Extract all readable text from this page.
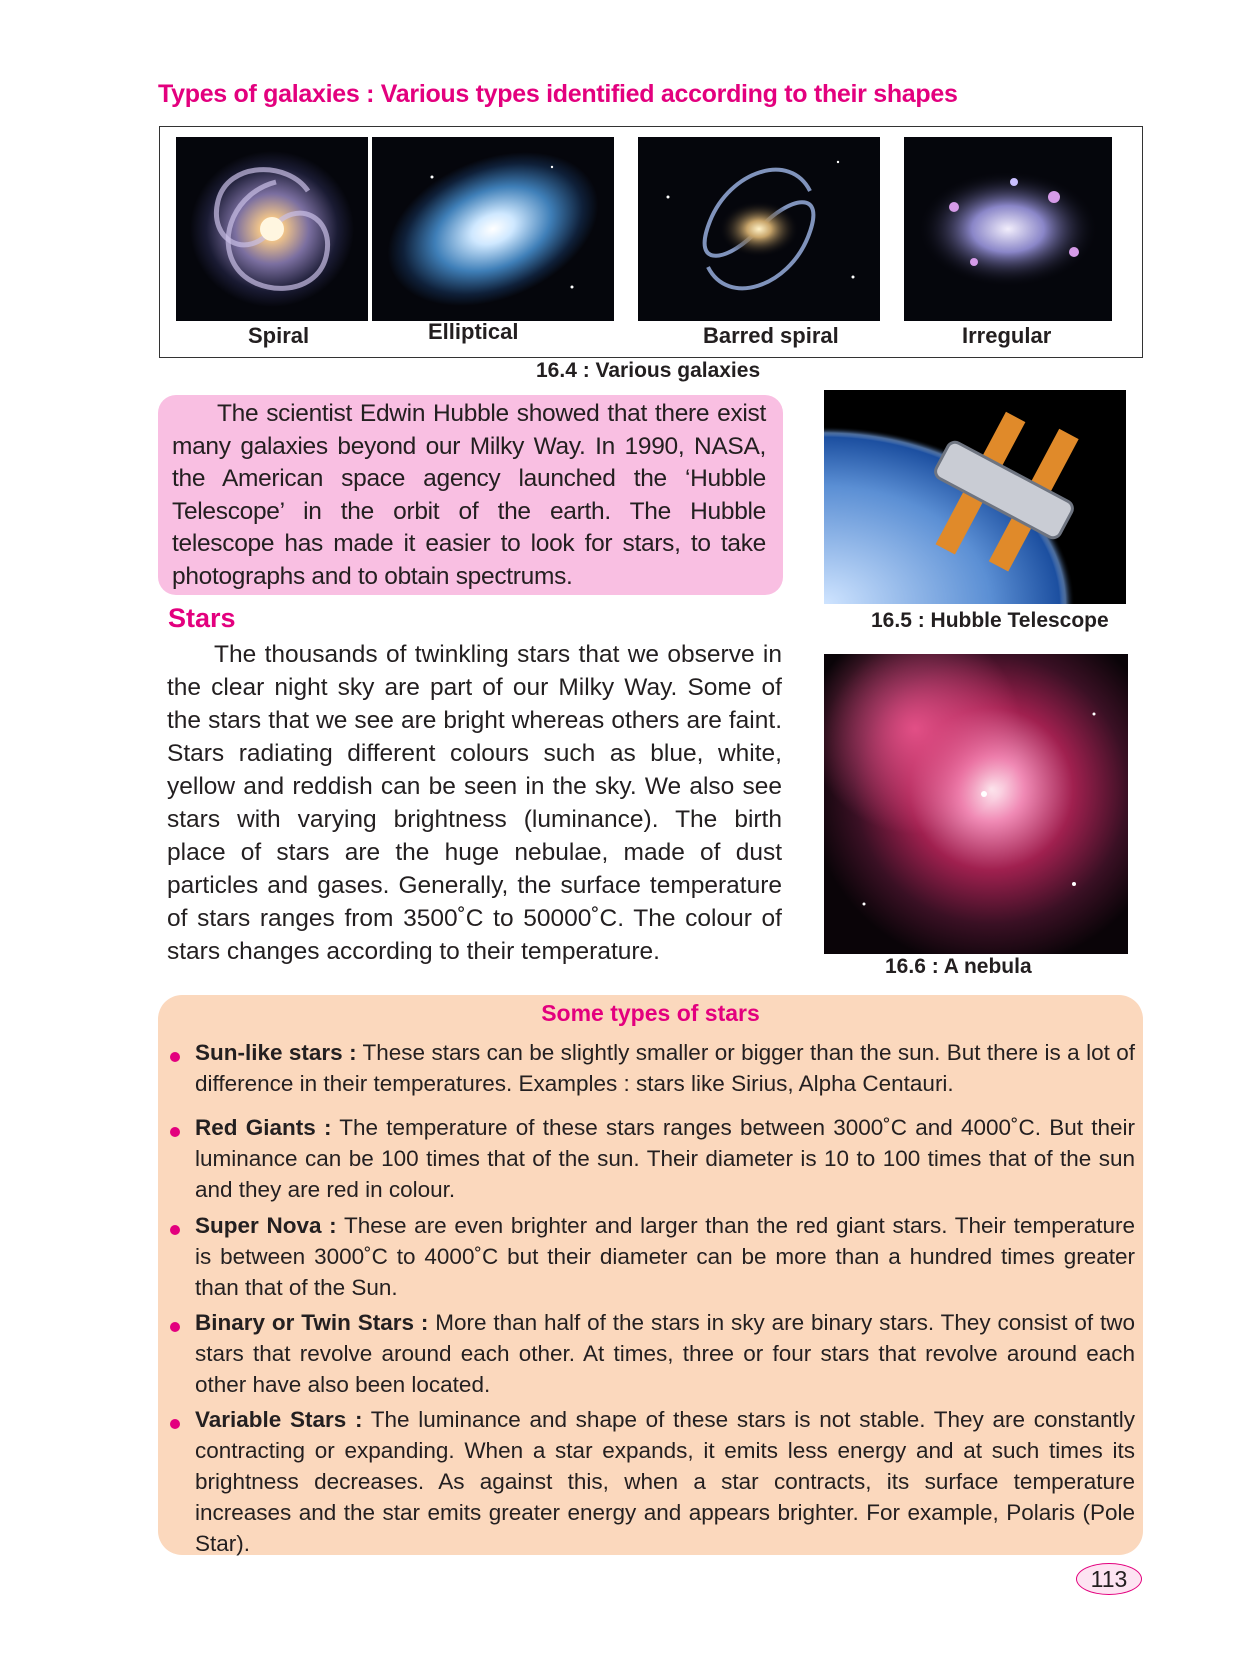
Types of galaxies : Various types identified according to their shapes
Spiral	Elliptical	Barred spiral	Irregular
16.4 : Various galaxies
The scientist Edwin Hubble showed that there exist many galaxies beyond our Milky Way. In 1990, NASA, the American space agency launched the ‘Hubble Telescope’ in the orbit of the earth. The Hubble telescope has made it easier to look for stars, to take photographs and to obtain spectrums.
16.5 : Hubble Telescope
Stars
The thousands of twinkling stars that we observe in the clear night sky are part of our Milky Way. Some of the stars that we see are bright whereas others are faint. Stars radiating different colours such as blue, white, yellow and reddish can be seen in the sky. We also see stars with varying brightness (luminance). The birth place of stars are the huge nebulae, made of dust particles and gases. Generally, the surface temperature of stars ranges from 3500˚C to 50000˚C. The colour of stars changes according to their temperature.
16.6 : A nebula
Some types of stars
Sun-like stars : These stars can be slightly smaller or bigger than the sun. But there is a lot of difference in their temperatures. Examples : stars like Sirius, Alpha Centauri.
Red Giants : The temperature of these stars ranges between 3000˚C and 4000˚C. But their luminance can be 100 times that of the sun. Their diameter is 10 to 100 times that of the sun and they are red in colour.
Super Nova : These are even brighter and larger than the red giant stars. Their temperature is between 3000˚C to 4000˚C but their diameter can be more than a hundred times greater than that of the Sun.
Binary or Twin Stars : More than half of the stars in sky are binary stars. They consist of two stars that revolve around each other. At times, three or four stars that revolve around each other have also been located.
Variable Stars : The luminance and shape of these stars is not stable. They are constantly contracting or expanding. When a star expands, it emits less energy and at such times its brightness decreases. As against this, when a star contracts, its surface temperature increases and the star emits greater energy and appears brighter. For example, Polaris (Pole Star).
113
